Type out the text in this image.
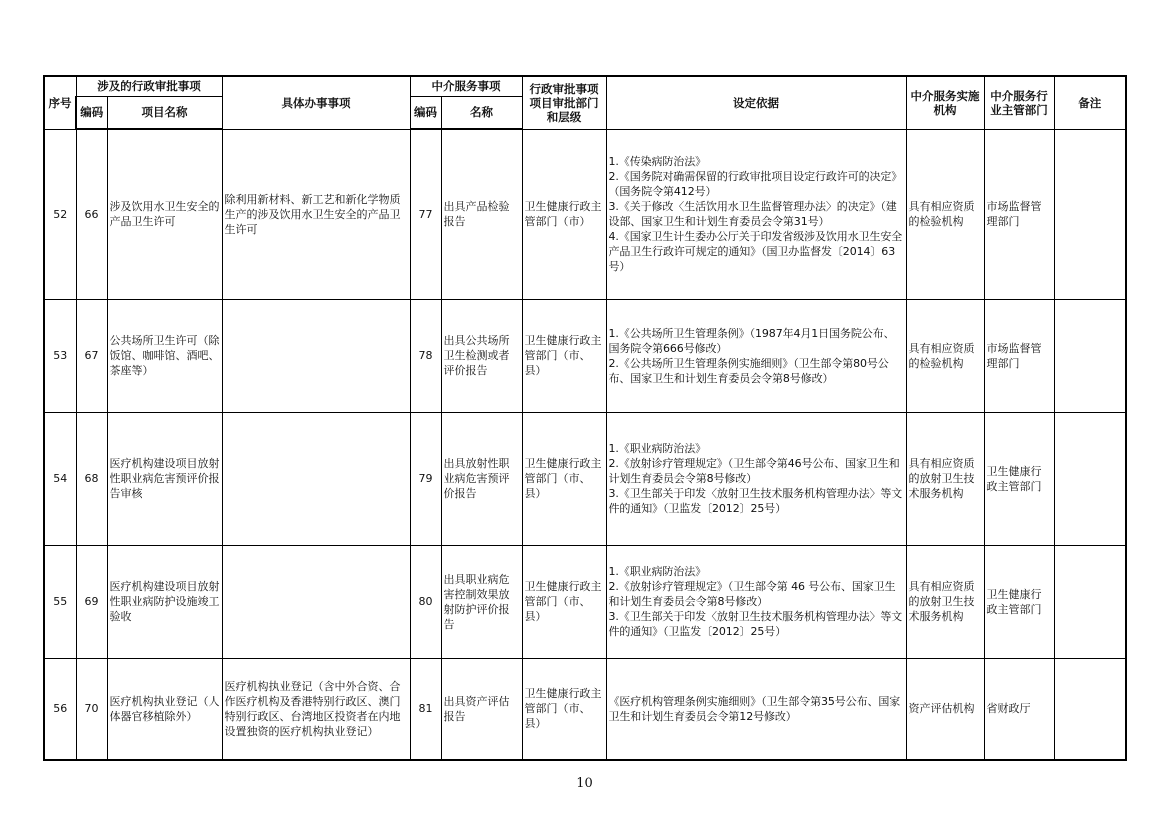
序号	涉及的行政审批事项		具体办事事项	中介服务事项		行政审批事项项目审批部门和层级	设定依据	中介服务实施机构	中介服务行业主管部门	备注
	编码	项目名称		编码	名称					
52	66	涉及饮用水卫生安全的产品卫生许可	除利用新材料、新工艺和新化学物质生产的涉及饮用水卫生安全的产品卫生许可	77	出具产品检验报告	卫生健康行政主管部门（市）	1.《传染病防治法》
2.《国务院对确需保留的行政审批项目设定行政许可的决定》（国务院令第412号）
3.《关于修改〈生活饮用水卫生监督管理办法〉的决定》（建设部、国家卫生和计划生育委员会令第31号）
4.《国家卫生计生委办公厅关于印发省级涉及饮用水卫生安全产品卫生行政许可规定的通知》（国卫办监督发〔2014〕63号）	具有相应资质的检验机构	市场监督管理部门	
53	67	公共场所卫生许可（除饭馆、咖啡馆、酒吧、茶座等）		78	出具公共场所卫生检测或者评价报告	卫生健康行政主管部门（市、县）	1.《公共场所卫生管理条例》（1987年4月1日国务院公布、国务院令第666号修改）
2.《公共场所卫生管理条例实施细则》（卫生部令第80号公布、国家卫生和计划生育委员会令第8号修改）	具有相应资质的检验机构	市场监督管理部门	
54	68	医疗机构建设项目放射性职业病危害预评价报告审核		79	出具放射性职业病危害预评价报告	卫生健康行政主管部门（市、县）	1.《职业病防治法》
2.《放射诊疗管理规定》（卫生部令第46号公布、国家卫生和计划生育委员会令第8号修改）
3.《卫生部关于印发〈放射卫生技术服务机构管理办法〉等文件的通知》（卫监发〔2012〕25号）	具有相应资质的放射卫生技术服务机构	卫生健康行政主管部门	
55	69	医疗机构建设项目放射性职业病防护设施竣工验收		80	出具职业病危害控制效果放射防护评价报告	卫生健康行政主管部门（市、县）	1.《职业病防治法》
2.《放射诊疗管理规定》（卫生部令第 46 号公布、国家卫生和计划生育委员会令第8号修改）
3.《卫生部关于印发〈放射卫生技术服务机构管理办法〉等文件的通知》（卫监发〔2012〕25号）	具有相应资质的放射卫生技术服务机构	卫生健康行政主管部门	
56	70	医疗机构执业登记（人体器官移植除外）	医疗机构执业登记（含中外合资、合作医疗机构及香港特别行政区、澳门特别行政区、台湾地区投资者在内地设置独资的医疗机构执业登记）	81	出具资产评估报告	卫生健康行政主管部门（市、县）	《医疗机构管理条例实施细则》（卫生部令第35号公布、国家卫生和计划生育委员会令第12号修改）	资产评估机构	省财政厅	
10
